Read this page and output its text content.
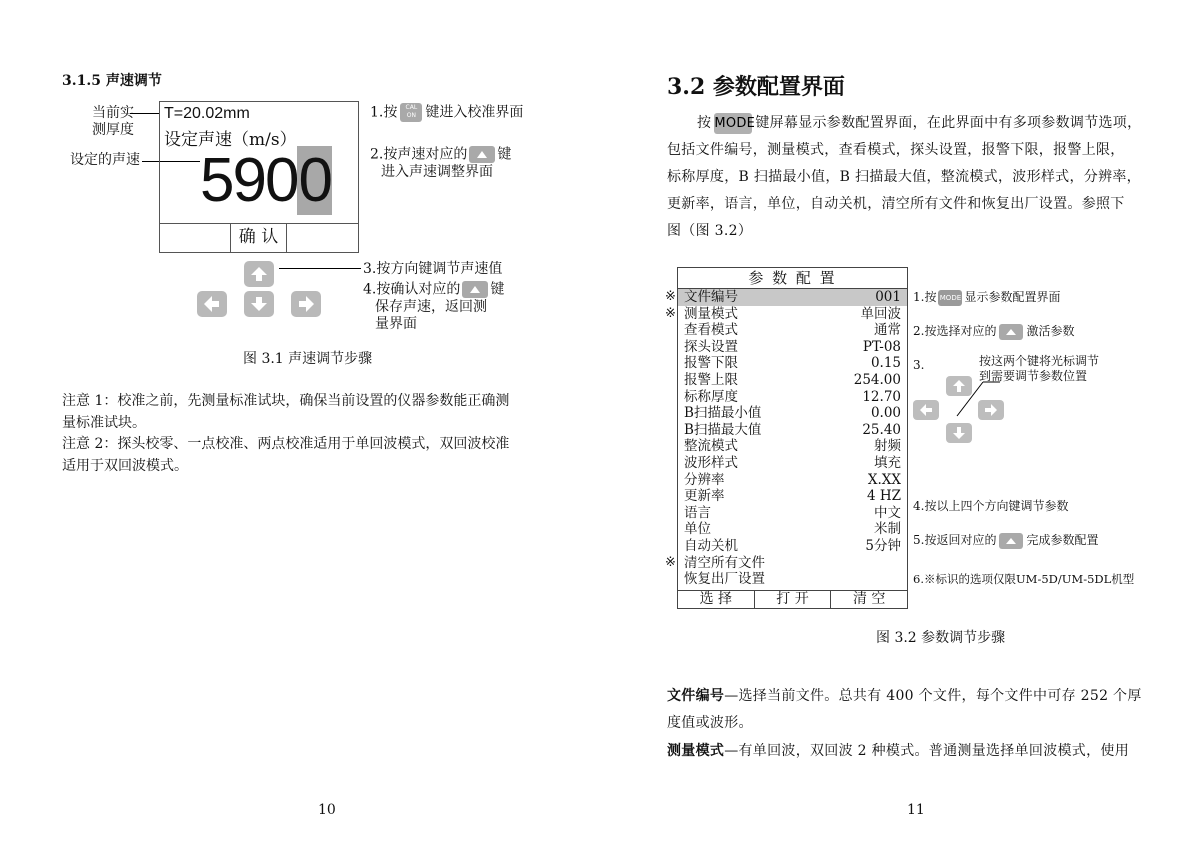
3.1.5 声速调节
当前实
测厚度
设定的声速
T=20.02mm
设定声速（m/s）
5900
确 认
1.按 CAL
ON 键进入校准界面
2.按声速对应的 键
进入声速调整界面
3.按方向键调节声速值
4.按确认对应的 键
保存声速，返回测
量界面
图 3.1 声速调节步骤
注意 1：校准之前，先测量标准试块，确保当前设置的仪器参数能正确测
量标准试块。
注意 2：探头校零、一点校准、两点校准适用于单回波模式，双回波校准
适用于双回波模式。
10
3.2 参数配置界面
按 MODE键屏幕显示参数配置界面，在此界面中有多项参数调节选项，
包括文件编号，测量模式，查看模式，探头设置，报警下限，报警上限，
标称厚度，B 扫描最小值，B 扫描最大值，整流模式，波形样式，分辨率，
更新率，语言，单位，自动关机，清空所有文件和恢复出厂设置。参照下
图（图 3.2）
※
※
※
参 数 配 置
文件编号	001
测量模式	单回波
查看模式	通常
探头设置	PT-08
报警下限	0.15
报警上限	254.00
标称厚度	12.70
B扫描最小值	0.00
B扫描最大值	25.40
整流模式	射频
波形样式	填充
分辨率	X.XX
更新率	4 HZ
语言	中文
单位	米制
自动关机	5分钟
清空所有文件
恢复出厂设置
选 择	打 开	清 空
1.按 MODE 显示参数配置界面
2.按选择对应的	激活参数
3.	按这两个键将光标调节
到需要调节参数位置
4.按以上四个方向键调节参数
5.按返回对应的	完成参数配置
6.※标识的选项仅限UM-5D/UM-5DL机型
图 3.2 参数调节步骤
文件编号—选择当前文件。总共有 400 个文件，每个文件中可存 252 个厚
度值或波形。
测量模式—有单回波，双回波 2 种模式。普通测量选择单回波模式，使用
11
